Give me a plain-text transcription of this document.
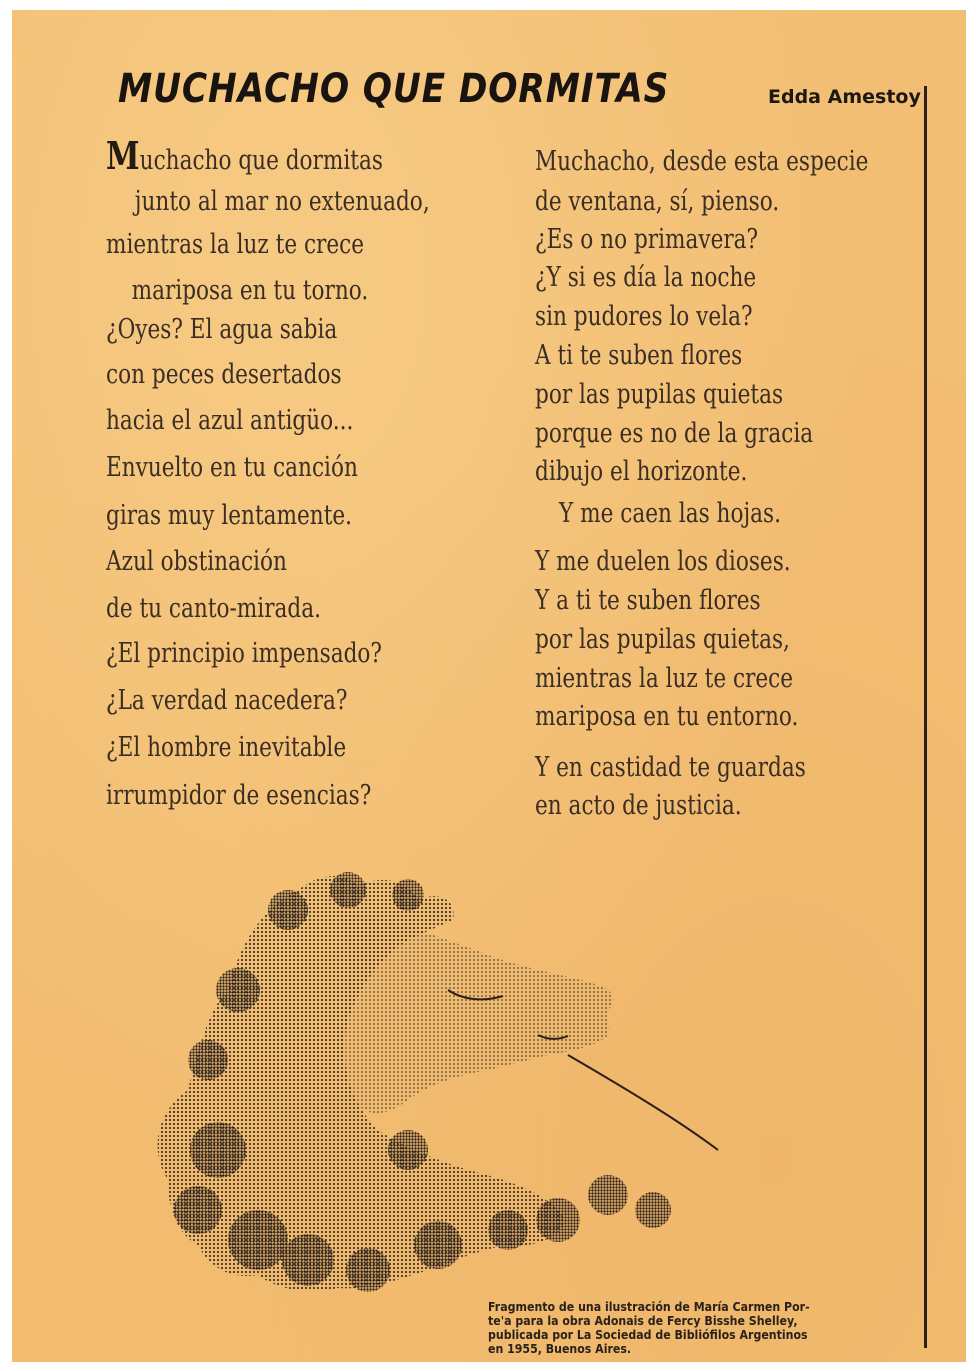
MUCHACHO QUE DORMITAS	Edda Amestoy
Muchacho que dormitas
junto al mar no extenuado,
mientras la luz te crece
mariposa en tu torno.
¿Oyes? El agua sabia
con peces desertados
hacia el azul antigüo...
Envuelto en tu canción
giras muy lentamente.
Azul obstinación
de tu canto-mirada.
¿El principio impensado?
¿La verdad nacedera?
¿El hombre inevitable
irrumpidor de esencias?
Muchacho, desde esta especie
de ventana, sí, pienso.
¿Es o no primavera?
¿Y si es día la noche
sin pudores lo vela?
A ti te suben flores
por las pupilas quietas
porque es no de la gracia
dibujo el horizonte.
Y me caen las hojas.
Y me duelen los dioses.
Y a ti te suben flores
por las pupilas quietas,
mientras la luz te crece
mariposa en tu entorno.
Y en castidad te guardas
en acto de justicia.
Fragmento de una ilustración de María Carmen Por-
te'a para la obra Adonais de Fercy Bisshe Shelley,
publicada por La Sociedad de Bibliófilos Argentinos
en 1955, Buenos Aires.
